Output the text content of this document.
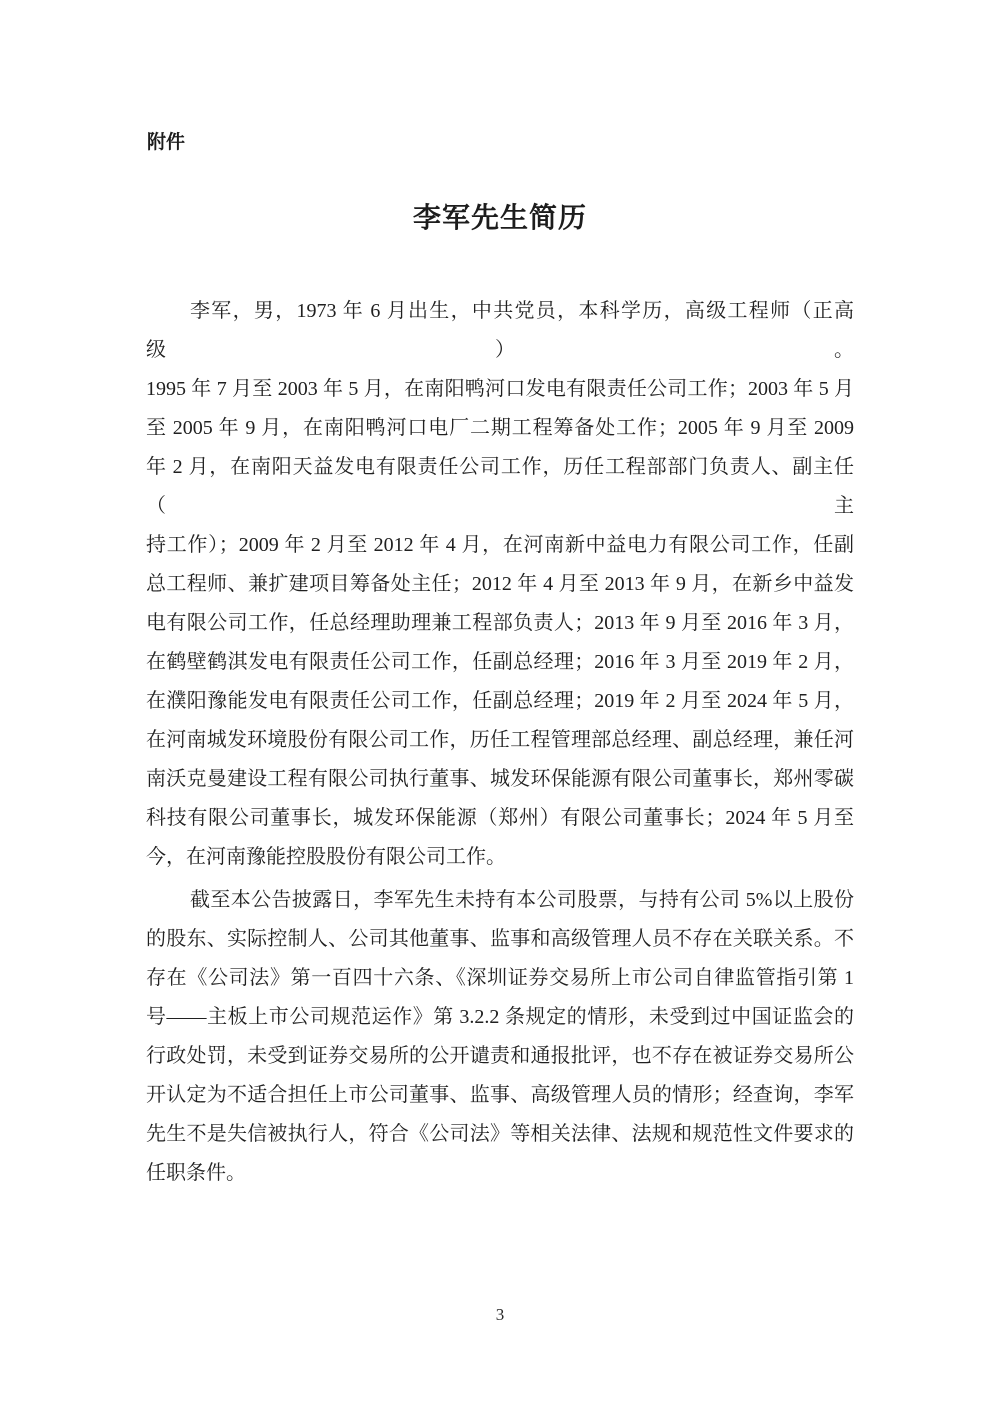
附件
李军先生简历
李军，男，1973 年 6 月出生，中共党员，本科学历，高级工程师（正高级）。
1995 年 7 月至 2003 年 5 月，在南阳鸭河口发电有限责任公司工作；2003 年 5 月
至 2005 年 9 月，在南阳鸭河口电厂二期工程筹备处工作；2005 年 9 月至 2009
年 2 月，在南阳天益发电有限责任公司工作，历任工程部部门负责人、副主任（主
持工作）；2009 年 2 月至 2012 年 4 月，在河南新中益电力有限公司工作，任副
总工程师、兼扩建项目筹备处主任；2012 年 4 月至 2013 年 9 月，在新乡中益发
电有限公司工作，任总经理助理兼工程部负责人；2013 年 9 月至 2016 年 3 月，
在鹤壁鹤淇发电有限责任公司工作，任副总经理；2016 年 3 月至 2019 年 2 月，
在濮阳豫能发电有限责任公司工作，任副总经理；2019 年 2 月至 2024 年 5 月，
在河南城发环境股份有限公司工作，历任工程管理部总经理、副总经理，兼任河
南沃克曼建设工程有限公司执行董事、城发环保能源有限公司董事长，郑州零碳
科技有限公司董事长，城发环保能源（郑州）有限公司董事长；2024 年 5 月至
今，在河南豫能控股股份有限公司工作。
截至本公告披露日，李军先生未持有本公司股票，与持有公司 5%以上股份
的股东、实际控制人、公司其他董事、监事和高级管理人员不存在关联关系。不
存在《公司法》第一百四十六条、《深圳证券交易所上市公司自律监管指引第 1
号——主板上市公司规范运作》第 3.2.2 条规定的情形，未受到过中国证监会的
行政处罚，未受到证券交易所的公开谴责和通报批评，也不存在被证券交易所公
开认定为不适合担任上市公司董事、监事、高级管理人员的情形；经查询，李军
先生不是失信被执行人，符合《公司法》等相关法律、法规和规范性文件要求的
任职条件。
3
